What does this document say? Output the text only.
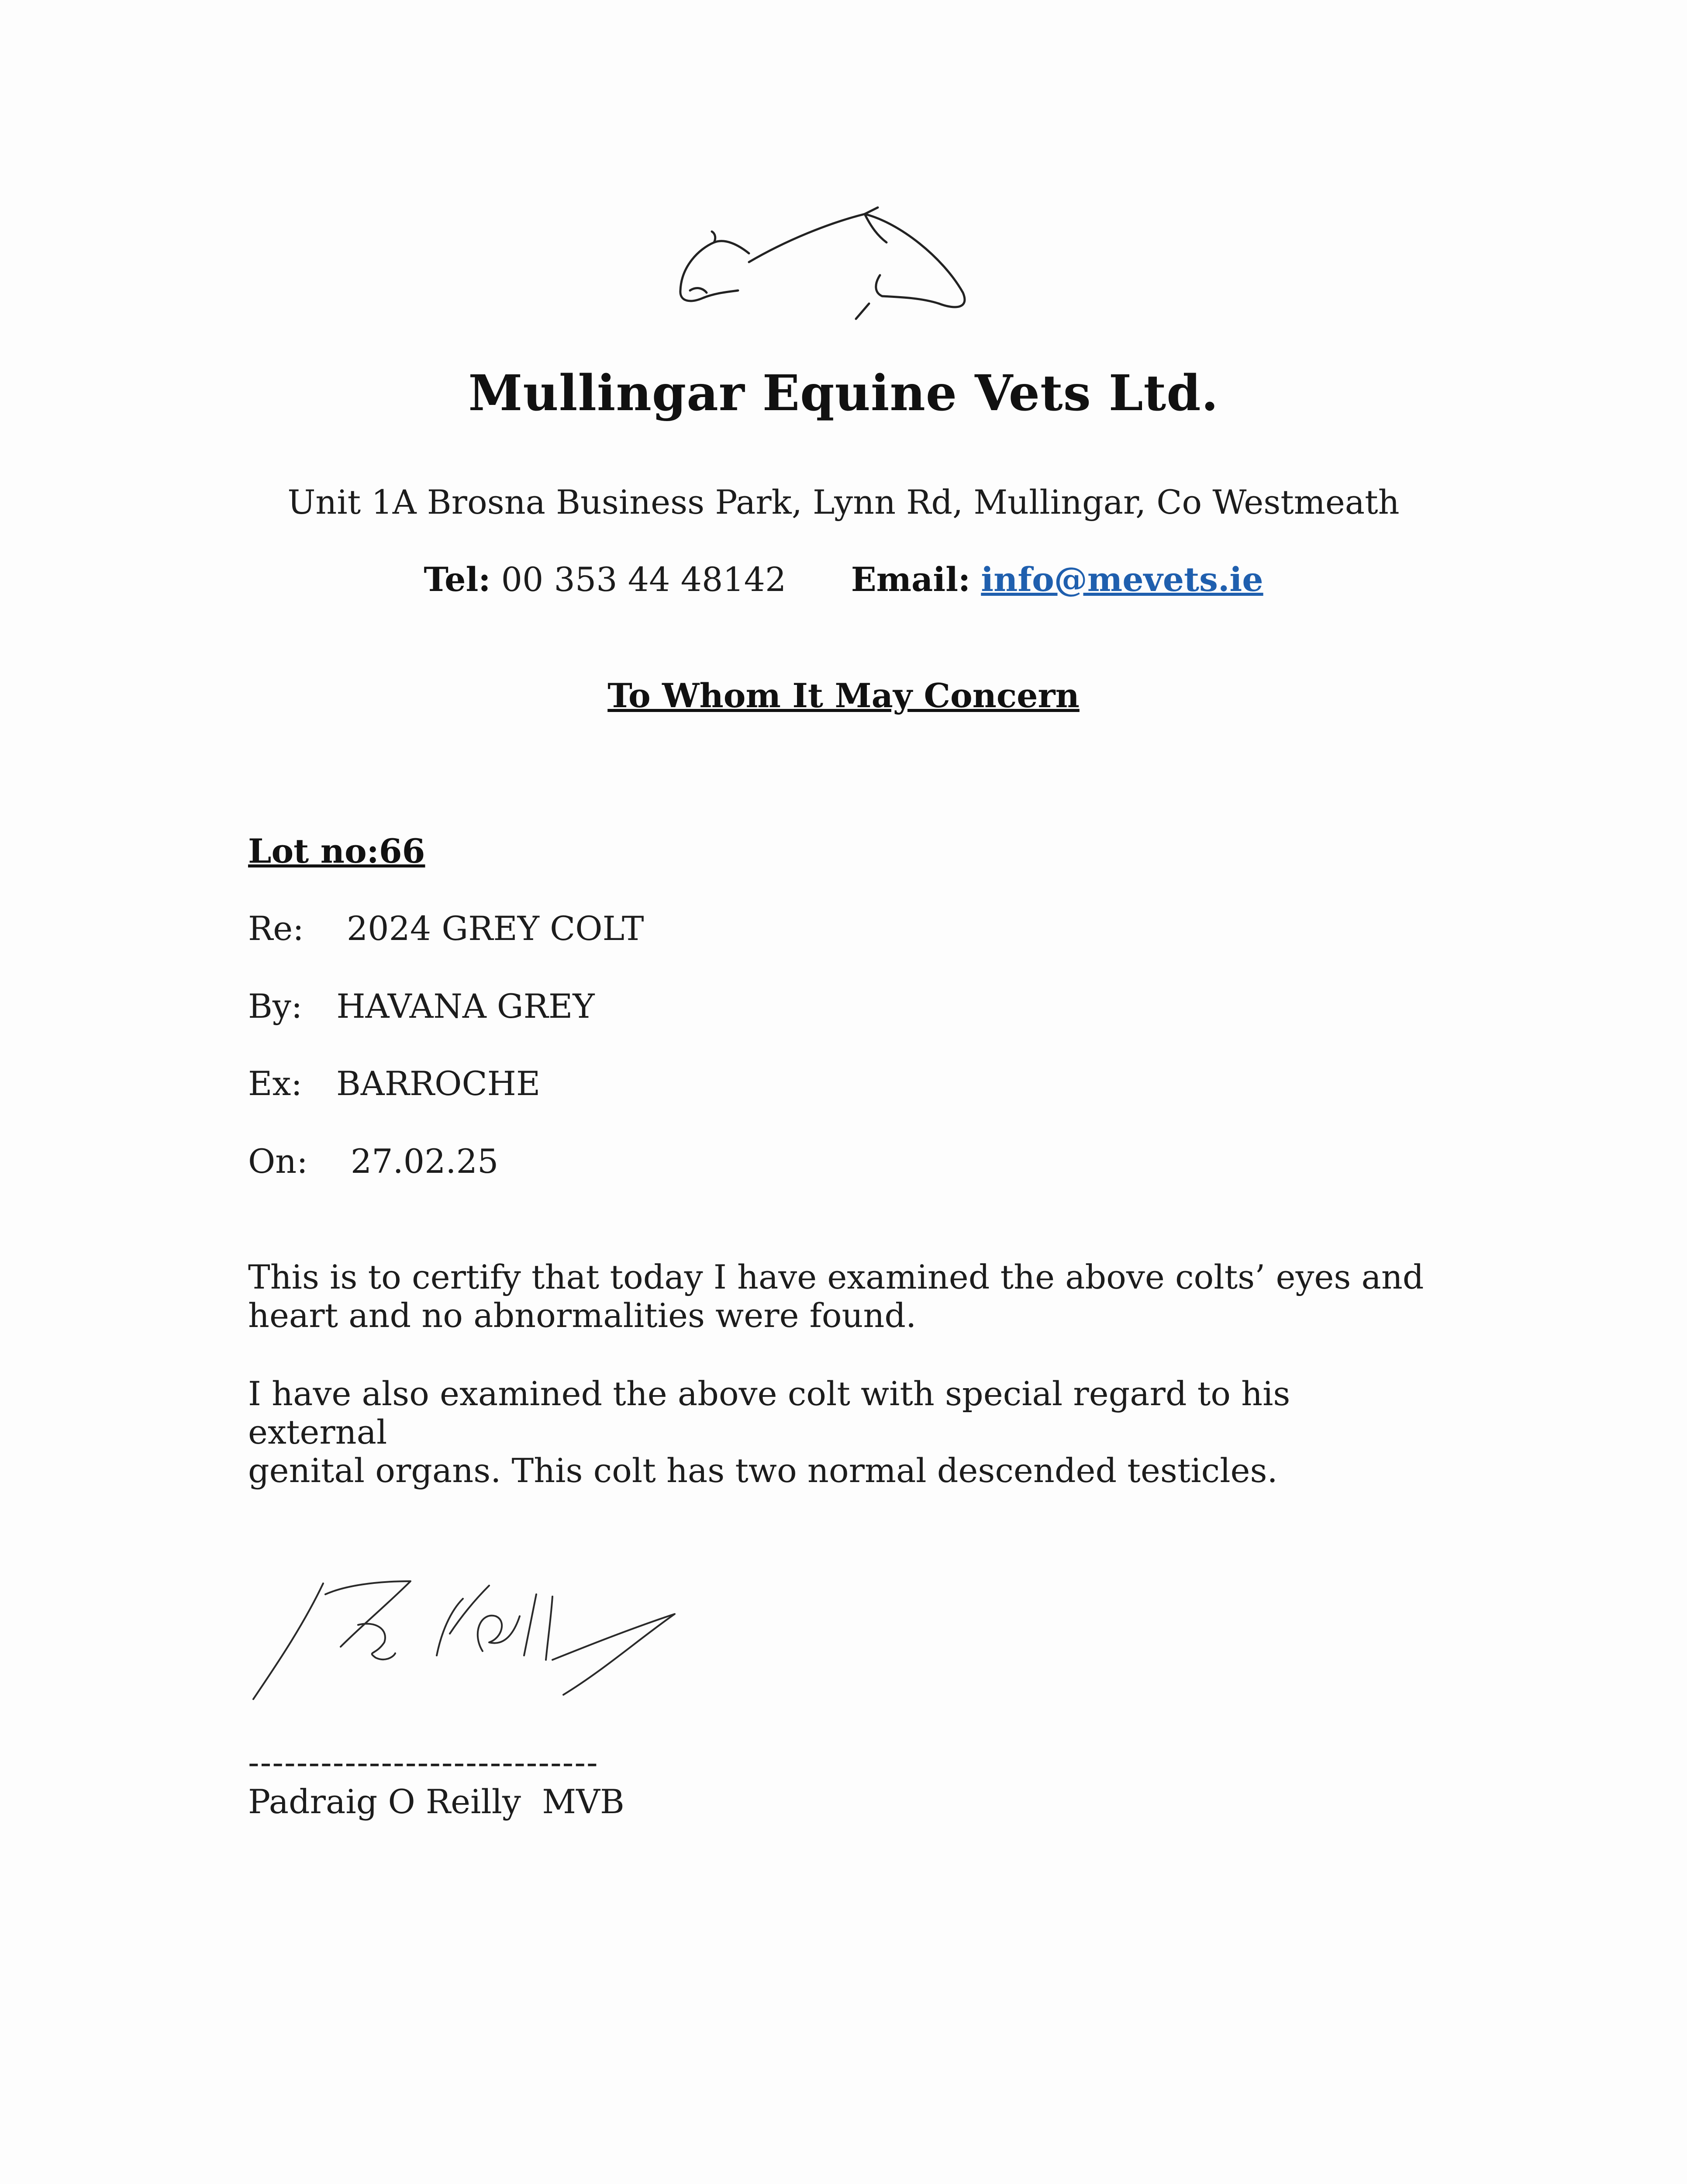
Mullingar Equine Vets Ltd.
Unit 1A Brosna Business Park, Lynn Rd, Mullingar, Co Westmeath
Tel: 00 353 44 48142 Email: info@mevets.ie
To Whom It May Concern
Lot no:66
Re: 2024 GREY COLT
By: HAVANA GREY
Ex: BARROCHE
On: 27.02.25
This is to certify that today I have examined the above colts’ eyes and
heart and no abnormalities were found.
I have also examined the above colt with special regard to his external
genital organs. This colt has two normal descended testicles.
-----------------------------
Padraig O Reilly  MVB
